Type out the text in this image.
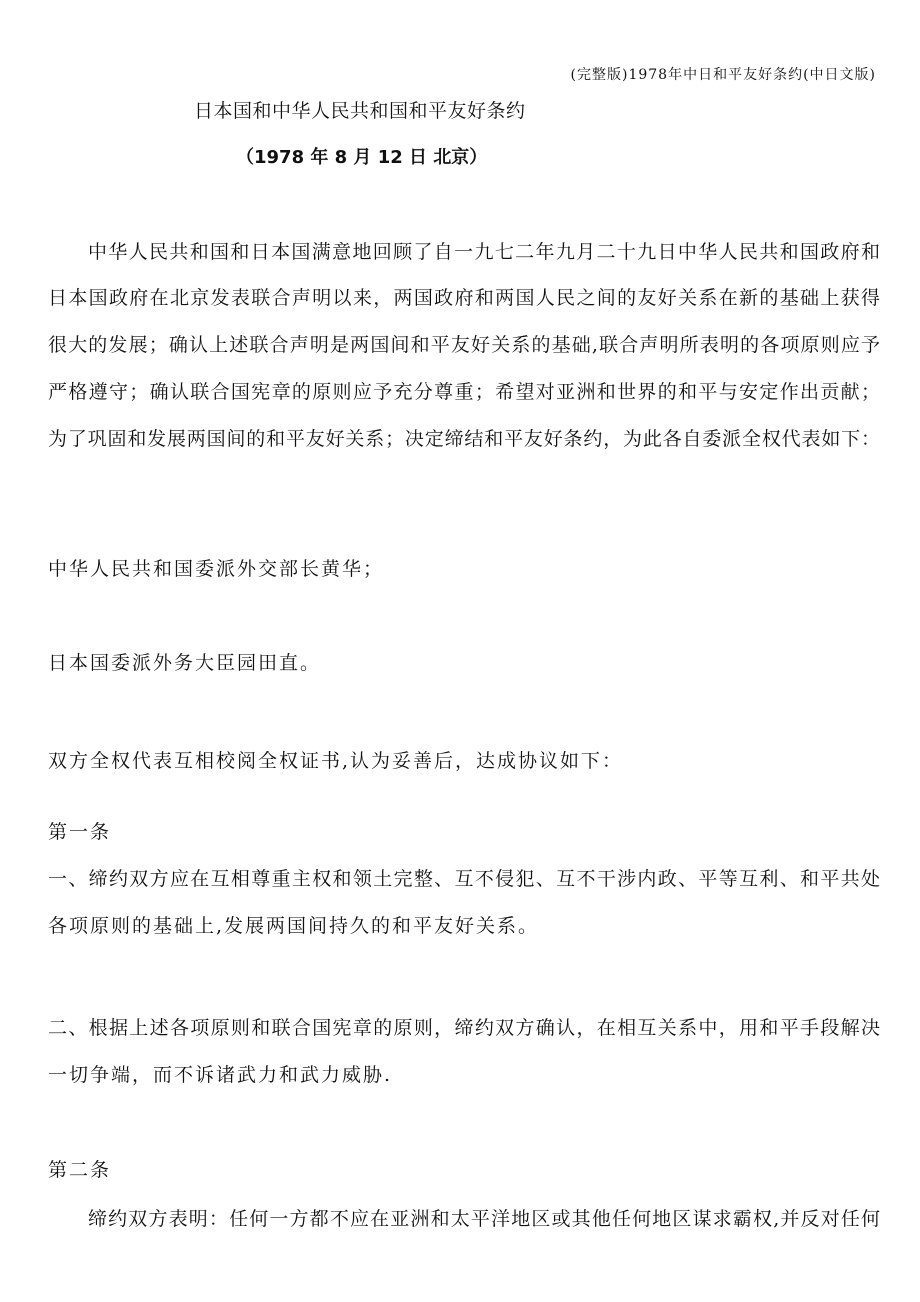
(完整版)1978年中日和平友好条约(中日文版)
日本国和中华人民共和国和平友好条约
（1978 年 8 月 12 日 北京）
中华人民共和国和日本国满意地回顾了自一九七二年九月二十九日中华人民共和国政府和
日本国政府在北京发表联合声明以来，两国政府和两国人民之间的友好关系在新的基础上获得
很大的发展；确认上述联合声明是两国间和平友好关系的基础,联合声明所表明的各项原则应予
严格遵守；确认联合国宪章的原则应予充分尊重；希望对亚洲和世界的和平与安定作出贡献；
为了巩固和发展两国间的和平友好关系；决定缔结和平友好条约，为此各自委派全权代表如下：
中华人民共和国委派外交部长黄华；
日本国委派外务大臣园田直。
双方全权代表互相校阅全权证书,认为妥善后，达成协议如下：
第一条
一、缔约双方应在互相尊重主权和领土完整、互不侵犯、互不干涉内政、平等互利、和平共处
各项原则的基础上,发展两国间持久的和平友好关系。
二、根据上述各项原则和联合国宪章的原则，缔约双方确认，在相互关系中，用和平手段解决
一切争端，而不诉诸武力和武力威胁.
第二条
缔约双方表明：任何一方都不应在亚洲和太平洋地区或其他任何地区谋求霸权,并反对任何
